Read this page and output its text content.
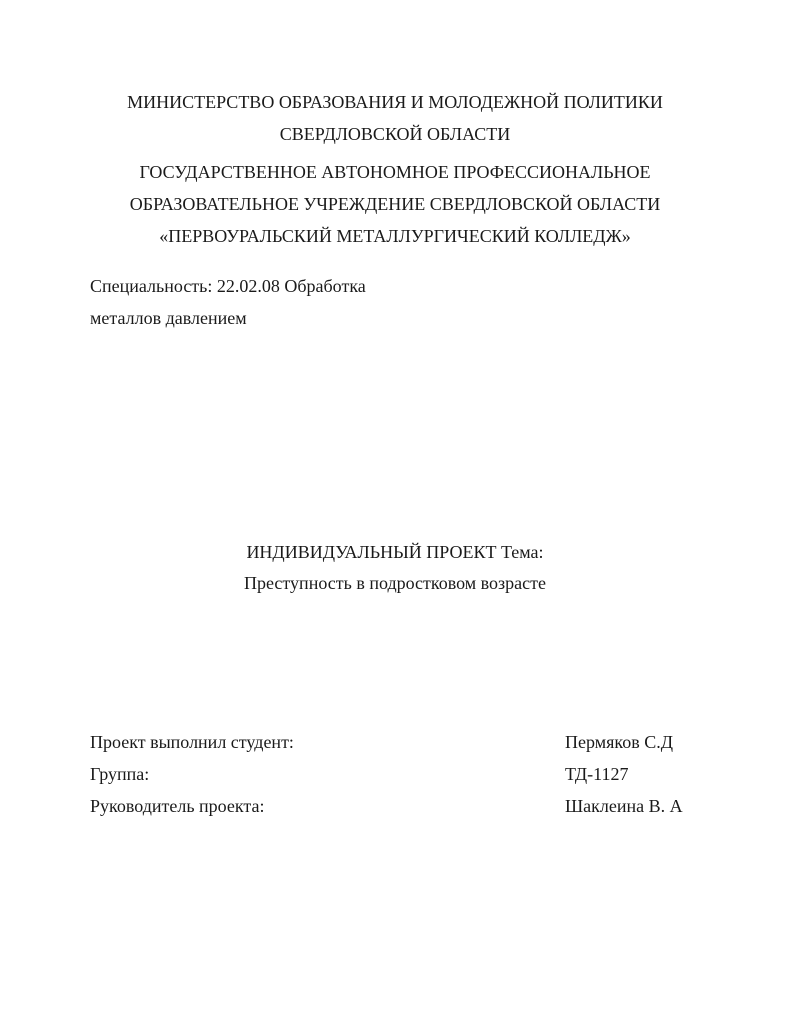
МИНИСТЕРСТВО ОБРАЗОВАНИЯ И МОЛОДЕЖНОЙ ПОЛИТИКИ
СВЕРДЛОВСКОЙ ОБЛАСТИ
ГОСУДАРСТВЕННОЕ АВТОНОМНОЕ ПРОФЕССИОНАЛЬНОЕ
ОБРАЗОВАТЕЛЬНОЕ УЧРЕЖДЕНИЕ СВЕРДЛОВСКОЙ ОБЛАСТИ
«ПЕРВОУРАЛЬСКИЙ МЕТАЛЛУРГИЧЕСКИЙ КОЛЛЕДЖ»
Специальность: 22.02.08 Обработка
металлов давлением
ИНДИВИДУАЛЬНЫЙ ПРОЕКТ Тема:
Преступность в подростковом возрасте
Проект выполнил студент:	Пермяков С.Д
Группа:	ТД-1127
Руководитель проекта:	Шаклеина В. А
